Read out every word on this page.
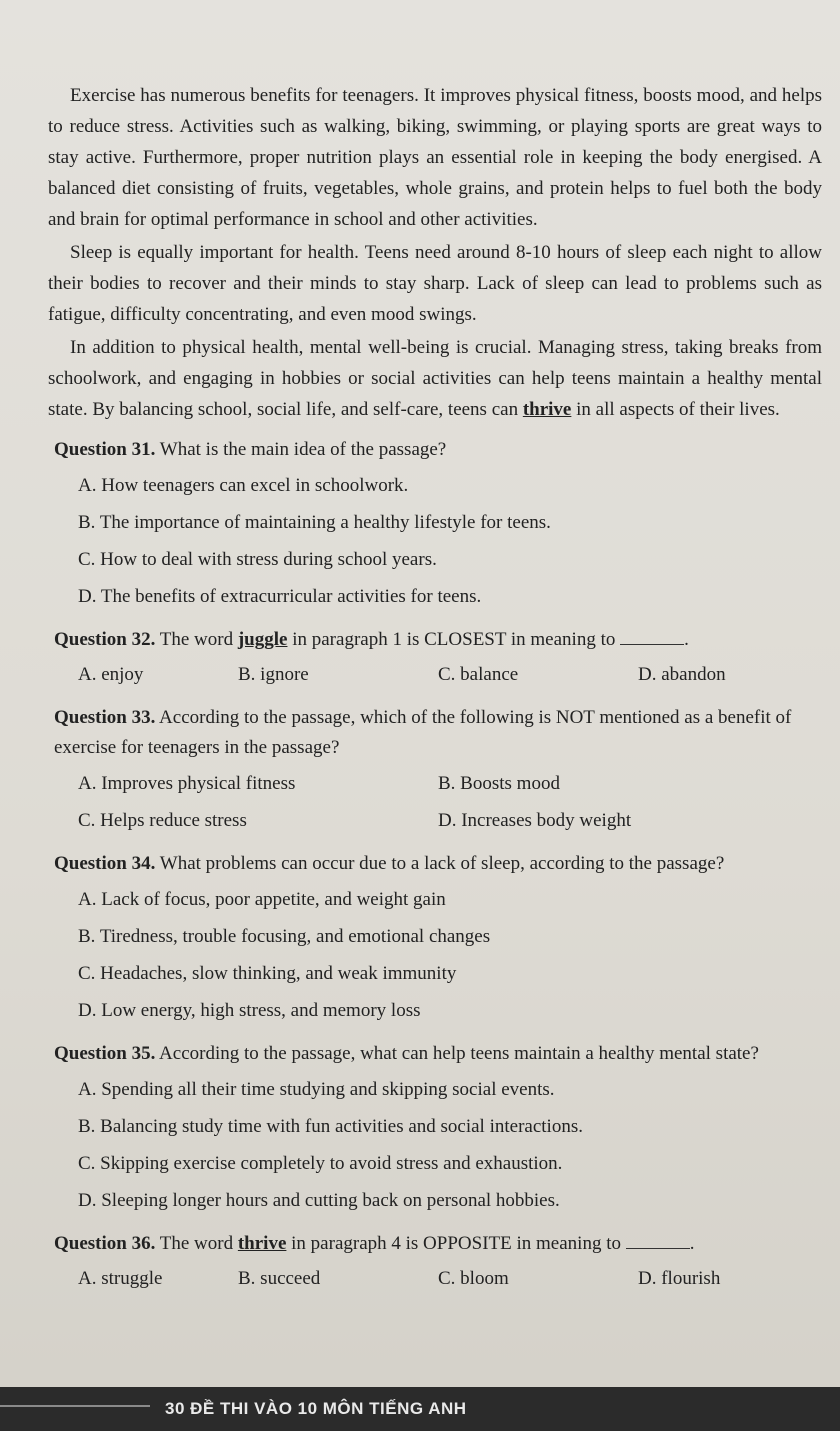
Exercise has numerous benefits for teenagers. It improves physical fitness, boosts mood, and helps to reduce stress. Activities such as walking, biking, swimming, or playing sports are great ways to stay active. Furthermore, proper nutrition plays an essential role in keeping the body energised. A balanced diet consisting of fruits, vegetables, whole grains, and protein helps to fuel both the body and brain for optimal performance in school and other activities.

Sleep is equally important for health. Teens need around 8-10 hours of sleep each night to allow their bodies to recover and their minds to stay sharp. Lack of sleep can lead to problems such as fatigue, difficulty concentrating, and even mood swings.

In addition to physical health, mental well-being is crucial. Managing stress, taking breaks from schoolwork, and engaging in hobbies or social activities can help teens maintain a healthy mental state. By balancing school, social life, and self-care, teens can thrive in all aspects of their lives.

Question 31. What is the main idea of the passage?
A. How teenagers can excel in schoolwork.
B. The importance of maintaining a healthy lifestyle for teens.
C. How to deal with stress during school years.
D. The benefits of extracurricular activities for teens.
Question 32. The word juggle in paragraph 1 is CLOSEST in meaning to	.
A. enjoy	B. ignore	C. balance	D. abandon
Question 33. According to the passage, which of the following is NOT mentioned as a benefit of exercise for teenagers in the passage?
A. Improves physical fitness	B. Boosts mood
C. Helps reduce stress	D. Increases body weight
Question 34. What problems can occur due to a lack of sleep, according to the passage?
A. Lack of focus, poor appetite, and weight gain
B. Tiredness, trouble focusing, and emotional changes
C. Headaches, slow thinking, and weak immunity
D. Low energy, high stress, and memory loss
Question 35. According to the passage, what can help teens maintain a healthy mental state?
A. Spending all their time studying and skipping social events.
B. Balancing study time with fun activities and social interactions.
C. Skipping exercise completely to avoid stress and exhaustion.
D. Sleeping longer hours and cutting back on personal hobbies.
Question 36. The word thrive in paragraph 4 is OPPOSITE in meaning to	.
A. struggle	B. succeed	C. bloom	D. flourish
30 ĐỀ THI VÀO 10 MÔN TIẾNG ANH
